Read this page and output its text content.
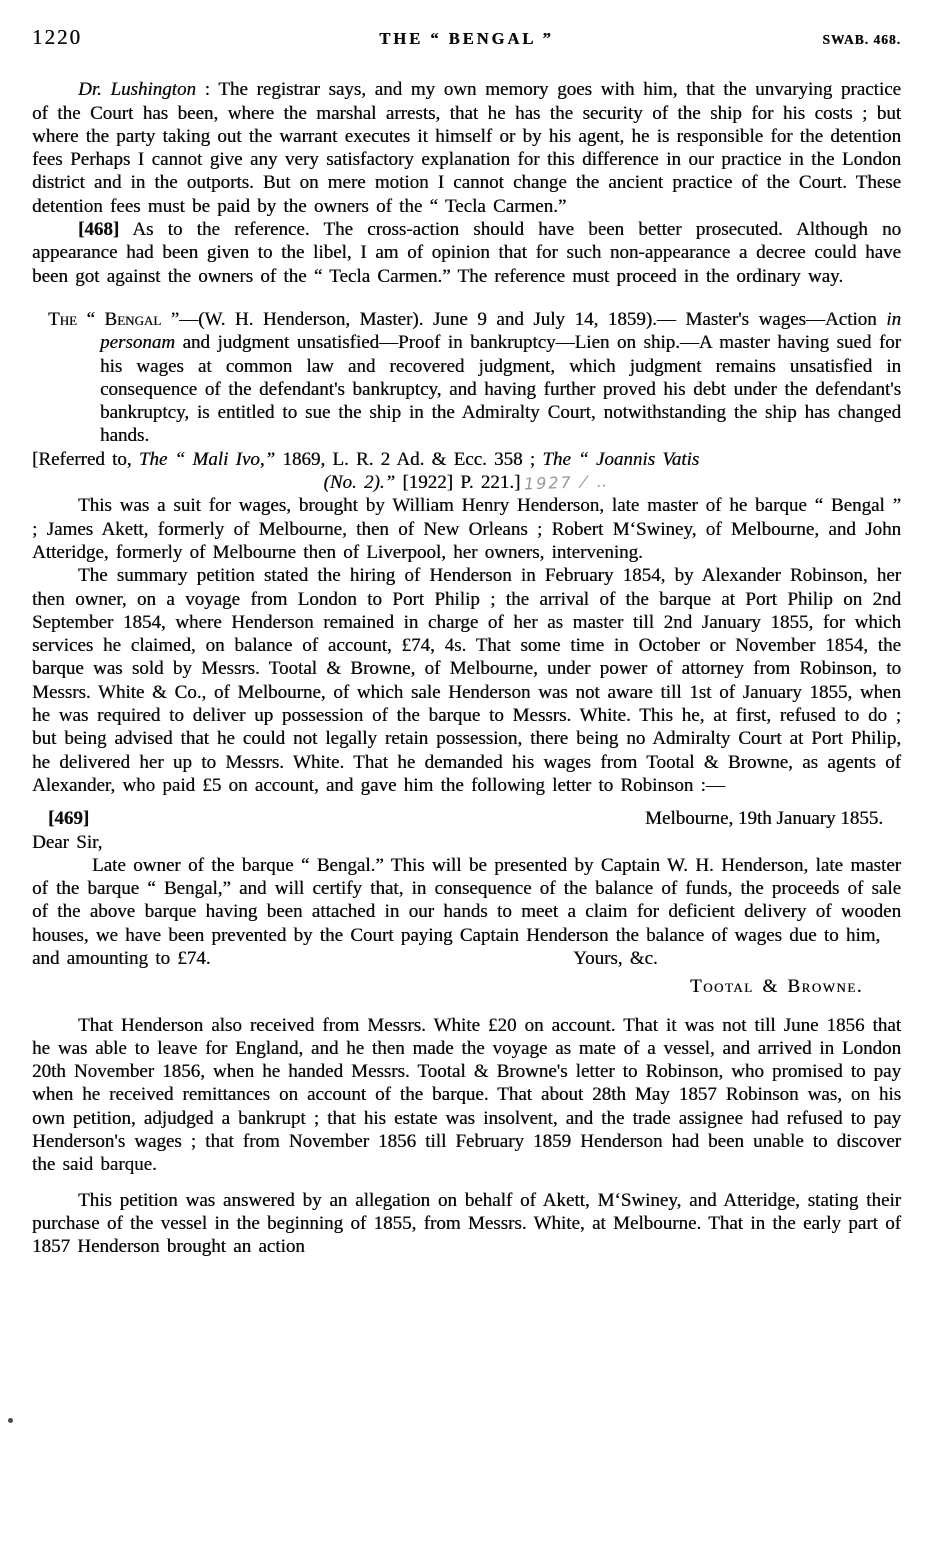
1220	THE “ BENGAL ”	SWAB. 468.

Dr. Lushington : The registrar says, and my own memory goes with him, that the unvarying practice of the Court has been, where the marshal arrests, that he has the security of the ship for his costs ; but where the party taking out the warrant executes it himself or by his agent, he is responsible for the detention fees Perhaps I cannot give any very satisfactory explanation for this difference in our practice in the London district and in the outports. But on mere motion I cannot change the ancient practice of the Court. These detention fees must be paid by the owners of the “ Tecla Carmen.”

[468] As to the reference. The cross-action should have been better prosecuted. Although no appearance had been given to the libel, I am of opinion that for such non-appearance a decree could have been got against the owners of the “ Tecla Carmen.” The reference must proceed in the ordinary way.

The “ Bengal ”—(W. H. Henderson, Master). June 9 and July 14, 1859).— Master's wages—Action in personam and judgment unsatisfied—Proof in bankruptcy—Lien on ship.—A master having sued for his wages at common law and recovered judgment, which judgment remains unsatisfied in consequence of the defendant's bankruptcy, and having further proved his debt under the defendant's bankruptcy, is entitled to sue the ship in the Admiralty Court, notwithstanding the ship has changed hands.

[Referred to, The “ Mali Ivo,” 1869, L. R. 2 Ad. & Ecc. 358 ; The “ Joannis Vatis

(No. 2).” [1922] P. 221.] 1927 ⁄ ‥

This was a suit for wages, brought by William Henry Henderson, late master of he barque “ Bengal ” ; James Akett, formerly of Melbourne, then of New Orleans ; Robert M‘Swiney, of Melbourne, and John Atteridge, formerly of Melbourne then of Liverpool, her owners, intervening.

The summary petition stated the hiring of Henderson in February 1854, by Alexander Robinson, her then owner, on a voyage from London to Port Philip ; the arrival of the barque at Port Philip on 2nd September 1854, where Henderson remained in charge of her as master till 2nd January 1855, for which services he claimed, on balance of account, £74, 4s. That some time in October or November 1854, the barque was sold by Messrs. Tootal & Browne, of Melbourne, under power of attorney from Robinson, to Messrs. White & Co., of Melbourne, of which sale Henderson was not aware till 1st of January 1855, when he was required to deliver up possession of the barque to Messrs. White. This he, at first, refused to do ; but being advised that he could not legally retain possession, there being no Admiralty Court at Port Philip, he delivered her up to Messrs. White. That he demanded his wages from Tootal & Browne, as agents of Alexander, who paid £5 on account, and gave him the following letter to Robinson :—

[469]	Melbourne, 19th January 1855.

Dear Sir,

Late owner of the barque “ Bengal.” This will be presented by Captain W. H. Henderson, late master of the barque “ Bengal,” and will certify that, in consequence of the balance of funds, the proceeds of sale of the above barque having been attached in our hands to meet a claim for deficient delivery of wooden houses, we have been prevented by the Court paying Captain Henderson the balance of wages due to him,

and amounting to £74.	Yours, &c.

Tootal & Browne.

That Henderson also received from Messrs. White £20 on account. That it was not till June 1856 that he was able to leave for England, and he then made the voyage as mate of a vessel, and arrived in London 20th November 1856, when he handed Messrs. Tootal & Browne's letter to Robinson, who promised to pay when he received remittances on account of the barque. That about 28th May 1857 Robinson was, on his own petition, adjudged a bankrupt ; that his estate was insolvent, and the trade assignee had refused to pay Henderson's wages ; that from November 1856 till February 1859 Henderson had been unable to discover the said barque.

This petition was answered by an allegation on behalf of Akett, M‘Swiney, and Atteridge, stating their purchase of the vessel in the beginning of 1855, from Messrs. White, at Melbourne. That in the early part of 1857 Henderson brought an action
